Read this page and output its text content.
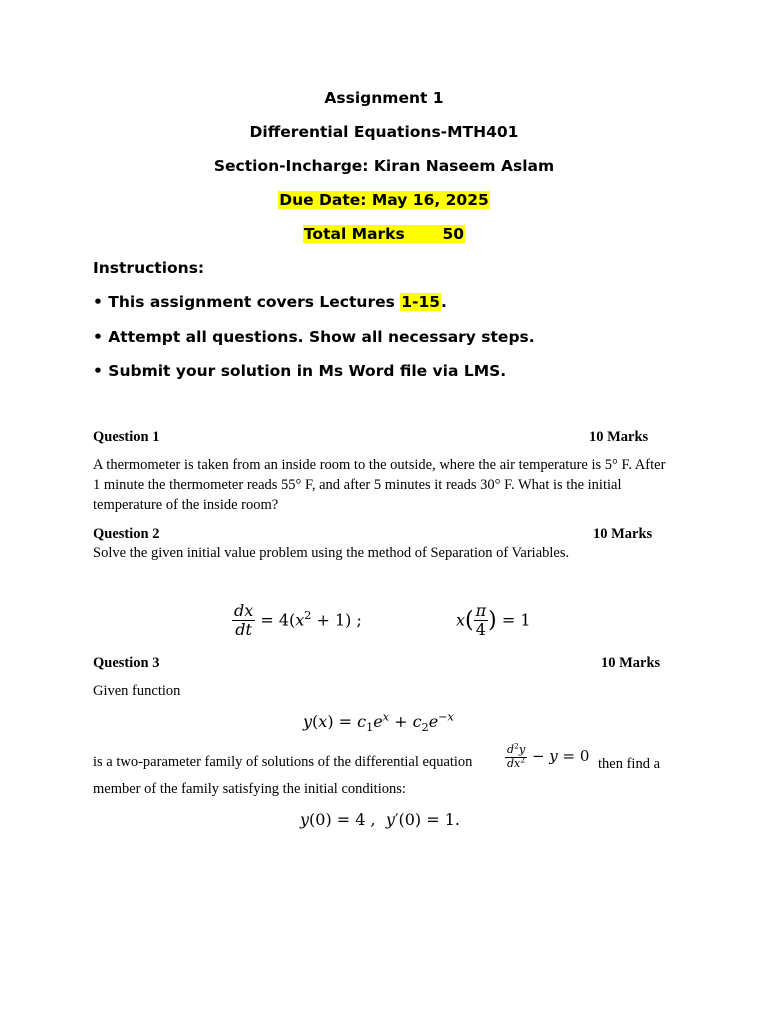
Assignment 1
Differential Equations-MTH401
Section-Incharge: Kiran Naseem Aslam
Due Date: May 16, 2025
Total Marks 50
Instructions:
• This assignment covers Lectures 1-15.
• Attempt all questions. Show all necessary steps.
• Submit your solution in Ms Word file via LMS.
Question 1	10 Marks
A thermometer is taken from an inside room to the outside, where the air temperature is 5° F. After 1 minute the thermometer reads 55° F, and after 5 minutes it reads 30° F. What is the initial temperature of the inside room?
Question 2	10 Marks
Solve the given initial value problem using the method of Separation of Variables.
$\frac{dx}{dt} = 4(x^2 + 1)$ ;	$x( \frac{\pi}{4}$ ) = 1
Question 3	10 Marks
Given function
$y(x) = c_1e^x + c_2e^{-x}$
is a two-parameter family of solutions of the differential equation	$\frac{d^2y}{dx^2} - y = 0$ then find a member of the family satisfying the initial conditions:
y(0) = 4 ,  y′(0) = 1.
